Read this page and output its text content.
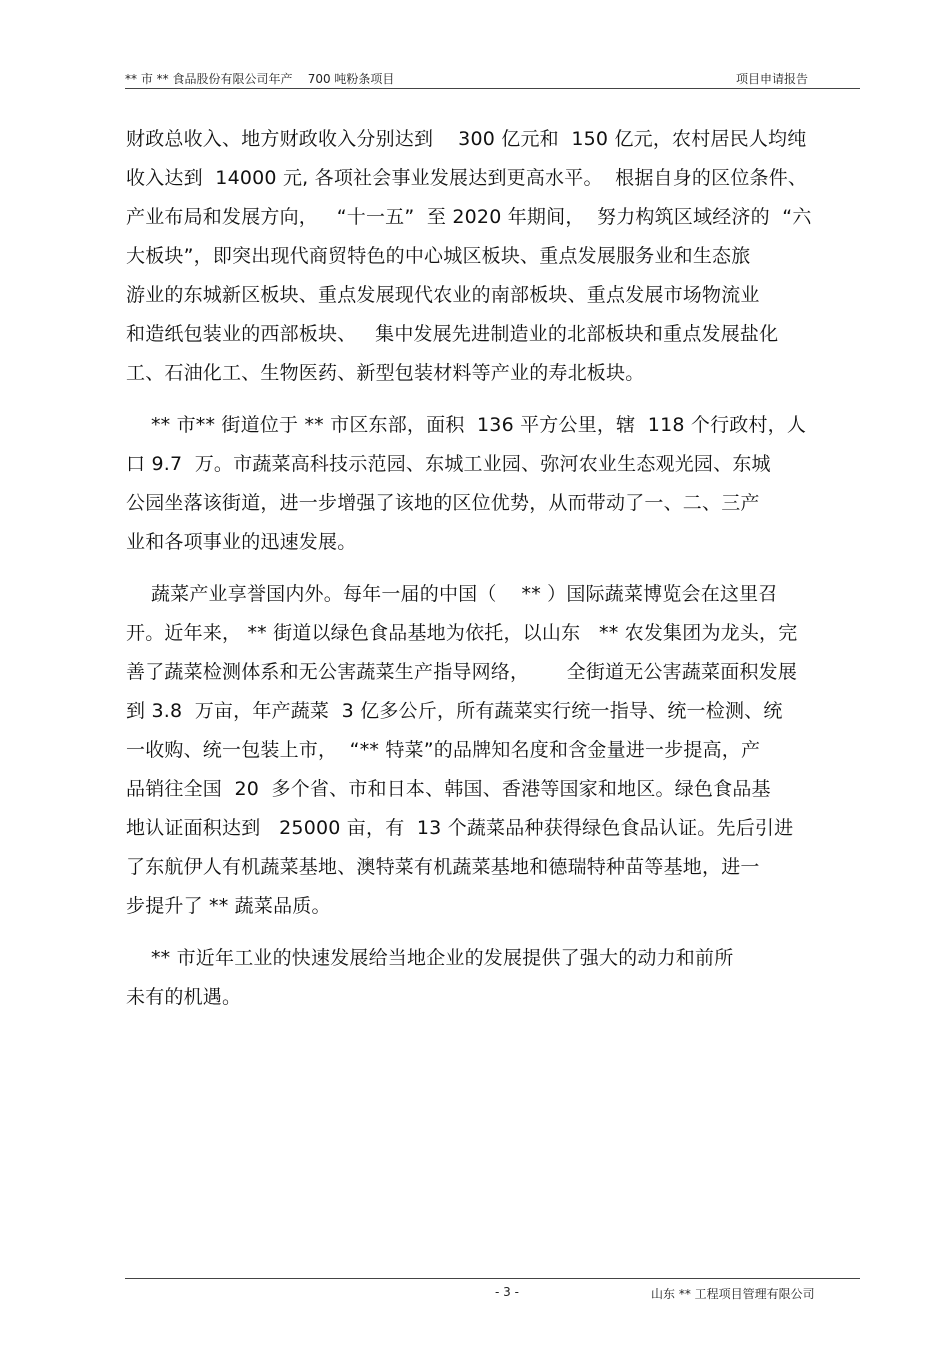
** 市 ** 食品股份有限公司年产    700 吨粉条项目	项目申请报告
财政总收入、地方财政收入分别达到    300 亿元和  150 亿元，农村居民人均纯
收入达到  14000 元, 各项社会事业发展达到更高水平。  根据自身的区位条件、
产业布局和发展方向，   “十一五”  至 2020 年期间，  努力构筑区域经济的  “六
大板块”，即突出现代商贸特色的中心城区板块、重点发展服务业和生态旅
游业的东城新区板块、重点发展现代农业的南部板块、重点发展市场物流业
和造纸包装业的西部板块、   集中发展先进制造业的北部板块和重点发展盐化
工、石油化工、生物医药、新型包装材料等产业的寿北板块。
** 市** 街道位于 ** 市区东部，面积  136 平方公里，辖  118 个行政村，人
口 9.7  万。市蔬菜高科技示范园、东城工业园、弥河农业生态观光园、东城
公园坐落该街道，进一步增强了该地的区位优势，从而带动了一、二、三产
业和各项事业的迅速发展。
蔬菜产业享誉国内外。每年一届的中国（    ** ）国际蔬菜博览会在这里召
开。近年来， ** 街道以绿色食品基地为依托，以山东   ** 农发集团为龙头，完
善了蔬菜检测体系和无公害蔬菜生产指导网络，      全街道无公害蔬菜面积发展
到 3.8  万亩，年产蔬菜  3 亿多公斤，所有蔬菜实行统一指导、统一检测、统
一收购、统一包装上市，  “** 特菜”的品牌知名度和含金量进一步提高，产
品销往全国  20  多个省、市和日本、韩国、香港等国家和地区。绿色食品基
地认证面积达到   25000 亩，有  13 个蔬菜品种获得绿色食品认证。先后引进
了东航伊人有机蔬菜基地、澳特菜有机蔬菜基地和德瑞特种苗等基地，进一
步提升了 ** 蔬菜品质。
** 市近年工业的快速发展给当地企业的发展提供了强大的动力和前所
未有的机遇。
- 3 -	山东 ** 工程项目管理有限公司
